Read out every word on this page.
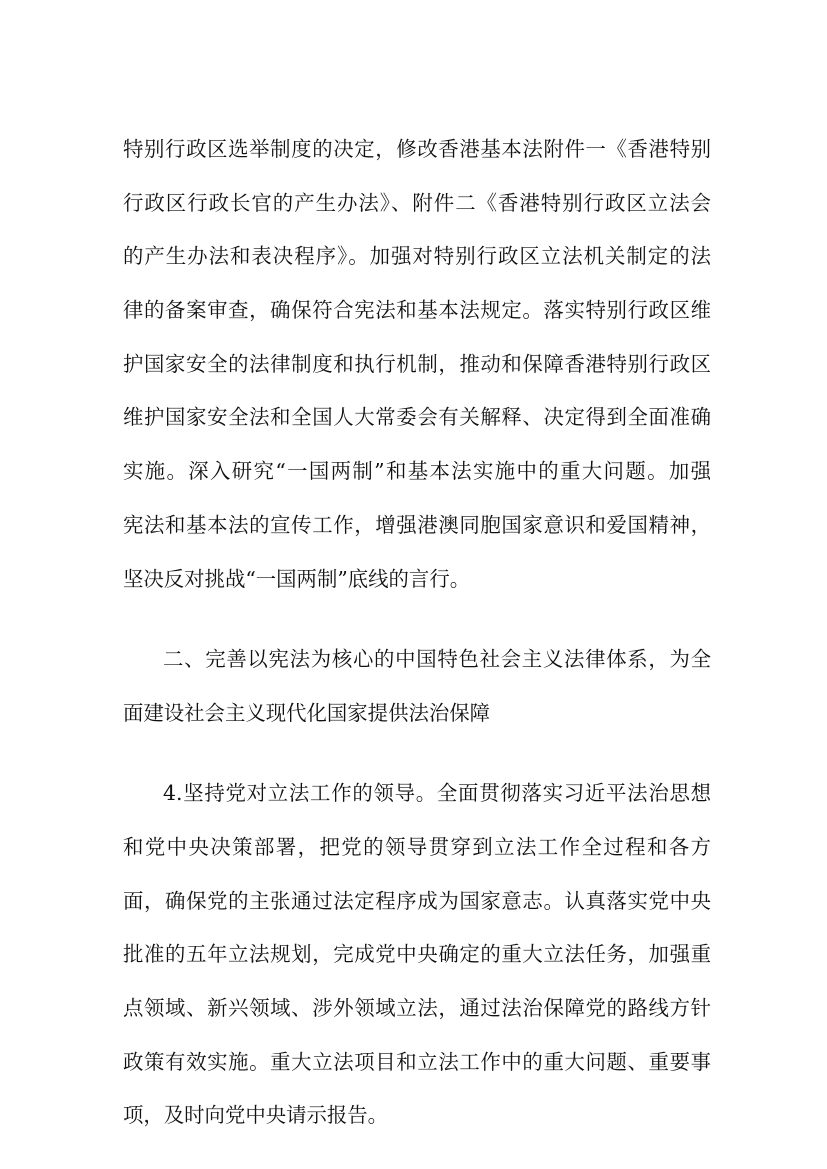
特别行政区选举制度的决定，修改香港基本法附件一《香港特别
行政区行政长官的产生办法》、附件二《香港特别行政区立法会
的产生办法和表决程序》。加强对特别行政区立法机关制定的法
律的备案审查，确保符合宪法和基本法规定。落实特别行政区维
护国家安全的法律制度和执行机制，推动和保障香港特别行政区
维护国家安全法和全国人大常委会有关解释、决定得到全面准确
实施。深入研究“一国两制”和基本法实施中的重大问题。加强
宪法和基本法的宣传工作，增强港澳同胞国家意识和爱国精神，
坚决反对挑战“一国两制”底线的言行。
二、完善以宪法为核心的中国特色社会主义法律体系，为全
面建设社会主义现代化国家提供法治保障
4.坚持党对立法工作的领导。全面贯彻落实习近平法治思想
和党中央决策部署，把党的领导贯穿到立法工作全过程和各方
面，确保党的主张通过法定程序成为国家意志。认真落实党中央
批准的五年立法规划，完成党中央确定的重大立法任务，加强重
点领域、新兴领域、涉外领域立法，通过法治保障党的路线方针
政策有效实施。重大立法项目和立法工作中的重大问题、重要事
项，及时向党中央请示报告。
